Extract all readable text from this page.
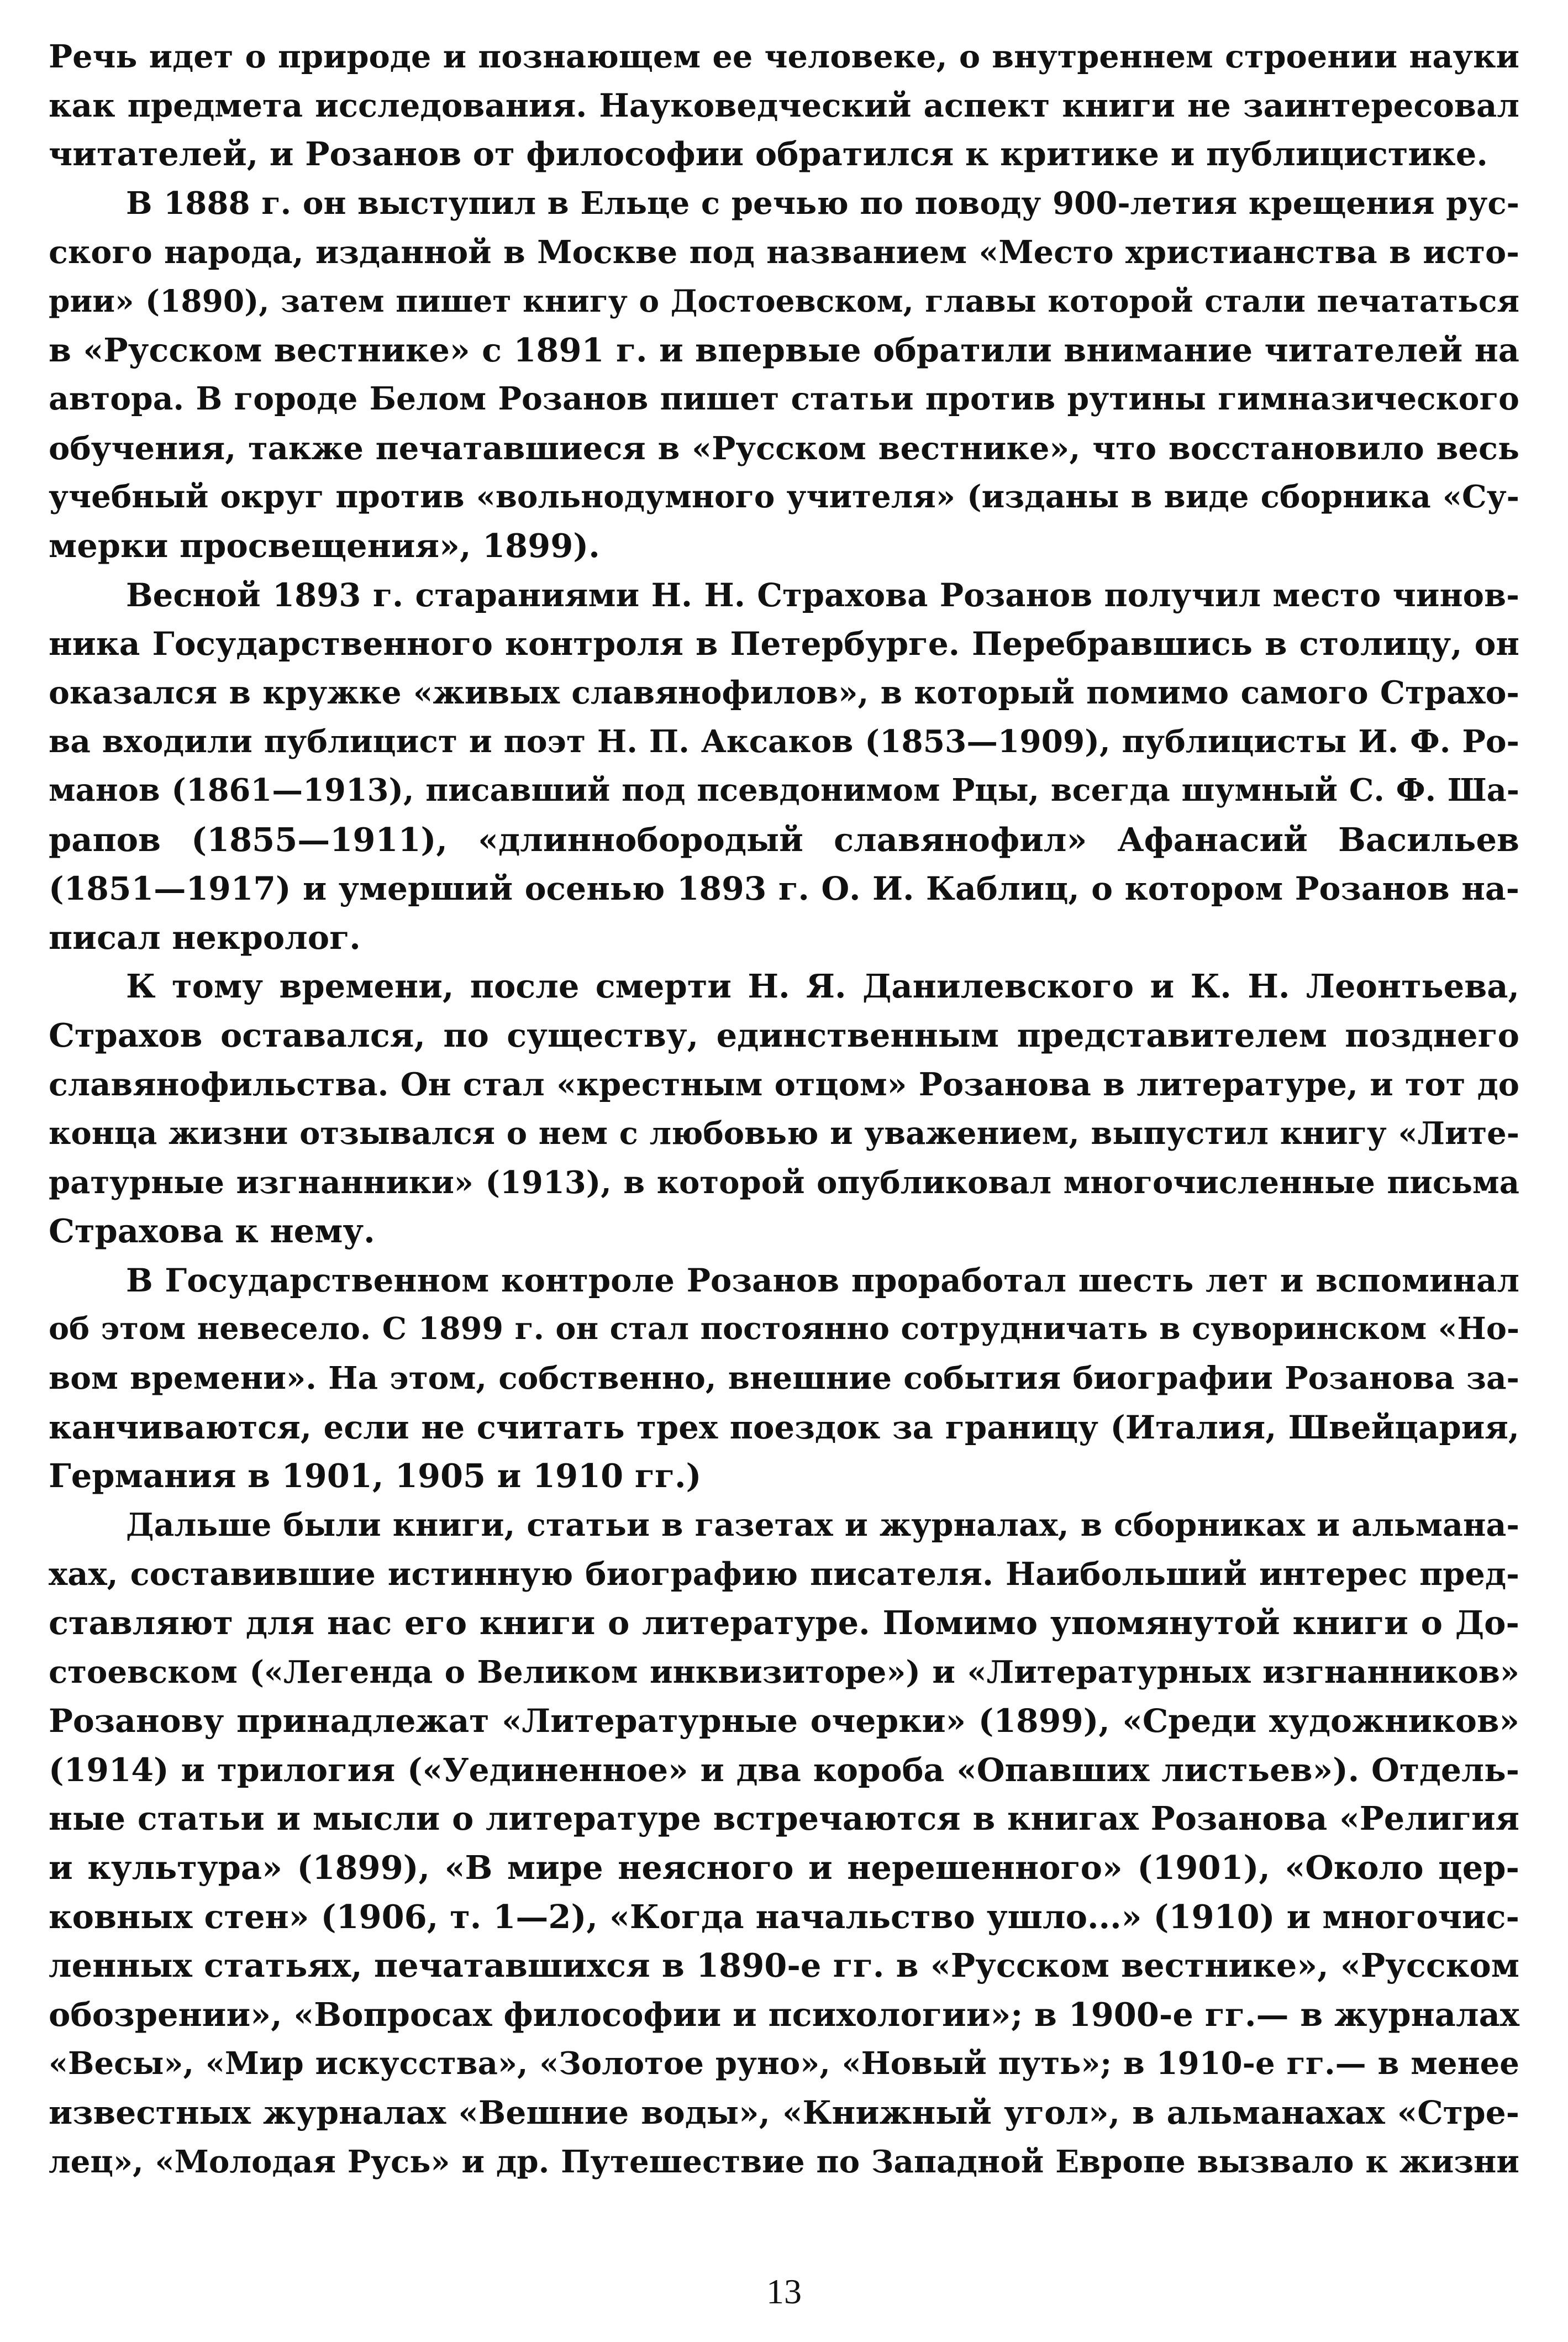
Речь идет о природе и познающем ее человеке, о внутреннем строении науки
как предмета исследования. Науковедческий аспект книги не заинтересовал
читателей, и Розанов от философии обратился к критике и публицистике.
В 1888 г. он выступил в Ельце с речью по поводу 900-летия крещения рус-
ского народа, изданной в Москве под названием «Место христианства в исто-
рии» (1890), затем пишет книгу о Достоевском, главы которой стали печататься
в «Русском вестнике» с 1891 г. и впервые обратили внимание читателей на
автора. В городе Белом Розанов пишет статьи против рутины гимназического
обучения, также печатавшиеся в «Русском вестнике», что восстановило весь
учебный округ против «вольнодумного учителя» (изданы в виде сборника «Су-
мерки просвещения», 1899).
Весной 1893 г. стараниями Н. Н. Страхова Розанов получил место чинов-
ника Государственного контроля в Петербурге. Перебравшись в столицу, он
оказался в кружке «живых славянофилов», в который помимо самого Страхо-
ва входили публицист и поэт Н. П. Аксаков (1853—1909), публицисты И. Ф. Ро-
манов (1861—1913), писавший под псевдонимом Рцы, всегда шумный С. Ф. Ша-
рапов (1855—1911), «длиннобородый славянофил» Афанасий Васильев
(1851—1917) и умерший осенью 1893 г. О. И. Каблиц, о котором Розанов на-
писал некролог.
К тому времени, после смерти Н. Я. Данилевского и К. Н. Леонтьева,
Страхов оставался, по существу, единственным представителем позднего
славянофильства. Он стал «крестным отцом» Розанова в литературе, и тот до
конца жизни отзывался о нем с любовью и уважением, выпустил книгу «Лите-
ратурные изгнанники» (1913), в которой опубликовал многочисленные письма
Страхова к нему.
В Государственном контроле Розанов проработал шесть лет и вспоминал
об этом невесело. С 1899 г. он стал постоянно сотрудничать в суворинском «Но-
вом времени». На этом, собственно, внешние события биографии Розанова за-
канчиваются, если не считать трех поездок за границу (Италия, Швейцария,
Германия в 1901, 1905 и 1910 гг.)
Дальше были книги, статьи в газетах и журналах, в сборниках и альмана-
хах, составившие истинную биографию писателя. Наибольший интерес пред-
ставляют для нас его книги о литературе. Помимо упомянутой книги о До-
стоевском («Легенда о Великом инквизиторе») и «Литературных изгнанников»
Розанову принадлежат «Литературные очерки» (1899), «Среди художников»
(1914) и трилогия («Уединенное» и два короба «Опавших листьев»). Отдель-
ные статьи и мысли о литературе встречаются в книгах Розанова «Религия
и культура» (1899), «В мире неясного и нерешенного» (1901), «Около цер-
ковных стен» (1906, т. 1—2), «Когда начальство ушло...» (1910) и многочис-
ленных статьях, печатавшихся в 1890-е гг. в «Русском вестнике», «Русском
обозрении», «Вопросах философии и психологии»; в 1900-е гг.— в журналах
«Весы», «Мир искусства», «Золотое руно», «Новый путь»; в 1910-е гг.— в менее
известных журналах «Вешние воды», «Книжный угол», в альманахах «Стре-
лец», «Молодая Русь» и др. Путешествие по Западной Европе вызвало к жизни
13
